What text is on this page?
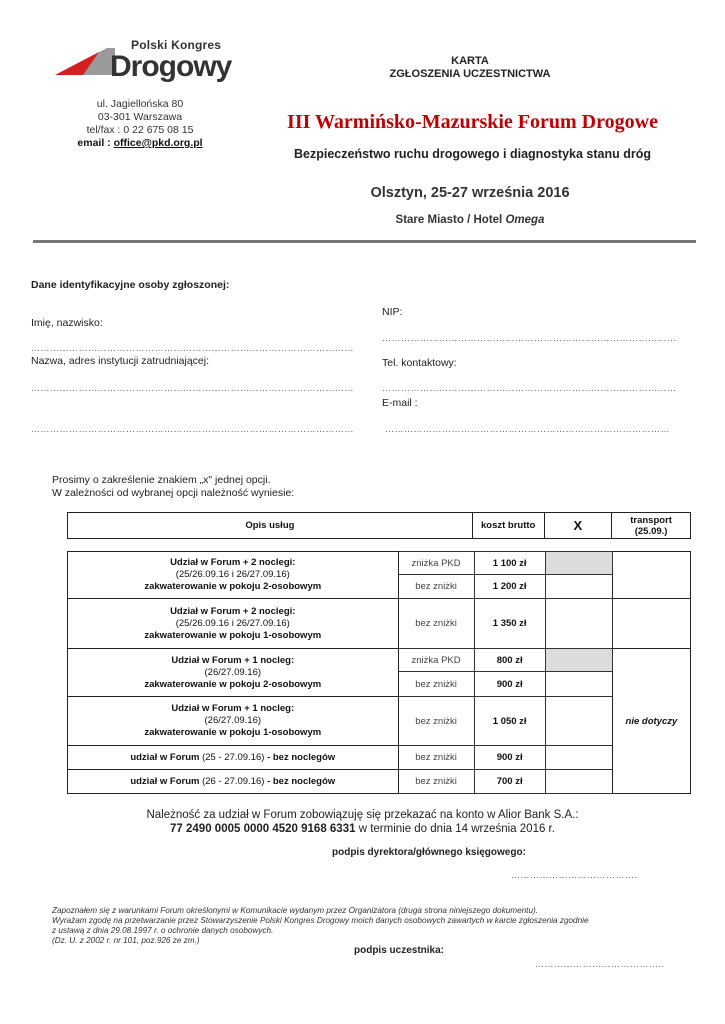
Polski Kongres
Drogowy
ul. Jagiellońska 80
03-301 Warszawa
tel/fax : 0 22 675 08 15
email : office@pkd.org.pl
KARTA
ZGŁOSZENIA UCZESTNICTWA
III Warmińsko-Mazurskie Forum Drogowe
Bezpieczeństwo ruchu drogowego i diagnostyka stanu dróg
Olsztyn, 25-27 września 2016
Stare Miasto / Hotel Omega
Dane identyfikacyjne osoby zgłoszonej:
Imię, nazwisko:
…………………………………………………………………………………………
Nazwa, adres instytucji zatrudniającej:
…………………………………………………………………………………………
…………………………………………………………………………………………
NIP:
…………………………………………………………………………………
Tel. kontaktowy:
…………………………………………………………………………………
E-mail :
………………………………………………………………………………
Prosimy o zakreślenie znakiem „x" jednej opcji.
W zależności od wybranej opcji należność wyniesie:
Opis usług	koszt brutto	X	transport
(25.09.)
Udział w Forum + 2 noclegi:
(25/26.09.16 i 26/27.09.16)
zakwaterowanie w pokoju 2-osobowym	zniżka PKD	1 100 zł		
	bez zniżki	1 200 zł		

Udział w Forum + 2 noclegi:
(25/26.09.16 i 26/27.09.16)
zakwaterowanie w pokoju 1-osobowym	bez zniżki	1 350 zł		

Udział w Forum + 1 nocleg:
(26/27.09.16)
zakwaterowanie w pokoju 2-osobowym	zniżka PKD	800 zł		nie dotyczy
	bez zniżki	900 zł		

Udział w Forum + 1 nocleg:
(26/27.09.16)
zakwaterowanie w pokoju 1-osobowym	bez zniżki	1 050 zł		
udział w Forum (25 - 27.09.16) - bez noclegów	bez zniżki	900 zł		
udział w Forum (26 - 27.09.16) - bez noclegów	bez zniżki	700 zł		
Należność za udział w Forum zobowiązuję się przekazać na konto w Alior Bank S.A.:
77 2490 0005 0000 4520 9168 6331 w terminie do dnia 14 września 2016 r.
podpis dyrektora/głównego księgowego:
………………………………….
Zapoznałem się z warunkami Forum określonymi w Komunikacie wydanym przez Organizatora (druga strona niniejszego dokumentu).
Wyrażam zgodę na przetwarzanie przez Stowarzyszenie Polski Kongres Drogowy moich danych osobowych zawartych w karcie zgłoszenia zgodnie
z ustawą z dnia 29.08.1997 r. o ochronie danych osobowych.
(Dz. U. z 2002 r. nr 101, poz.926 ze zm.)
podpis uczestnika:
…………………………………..
